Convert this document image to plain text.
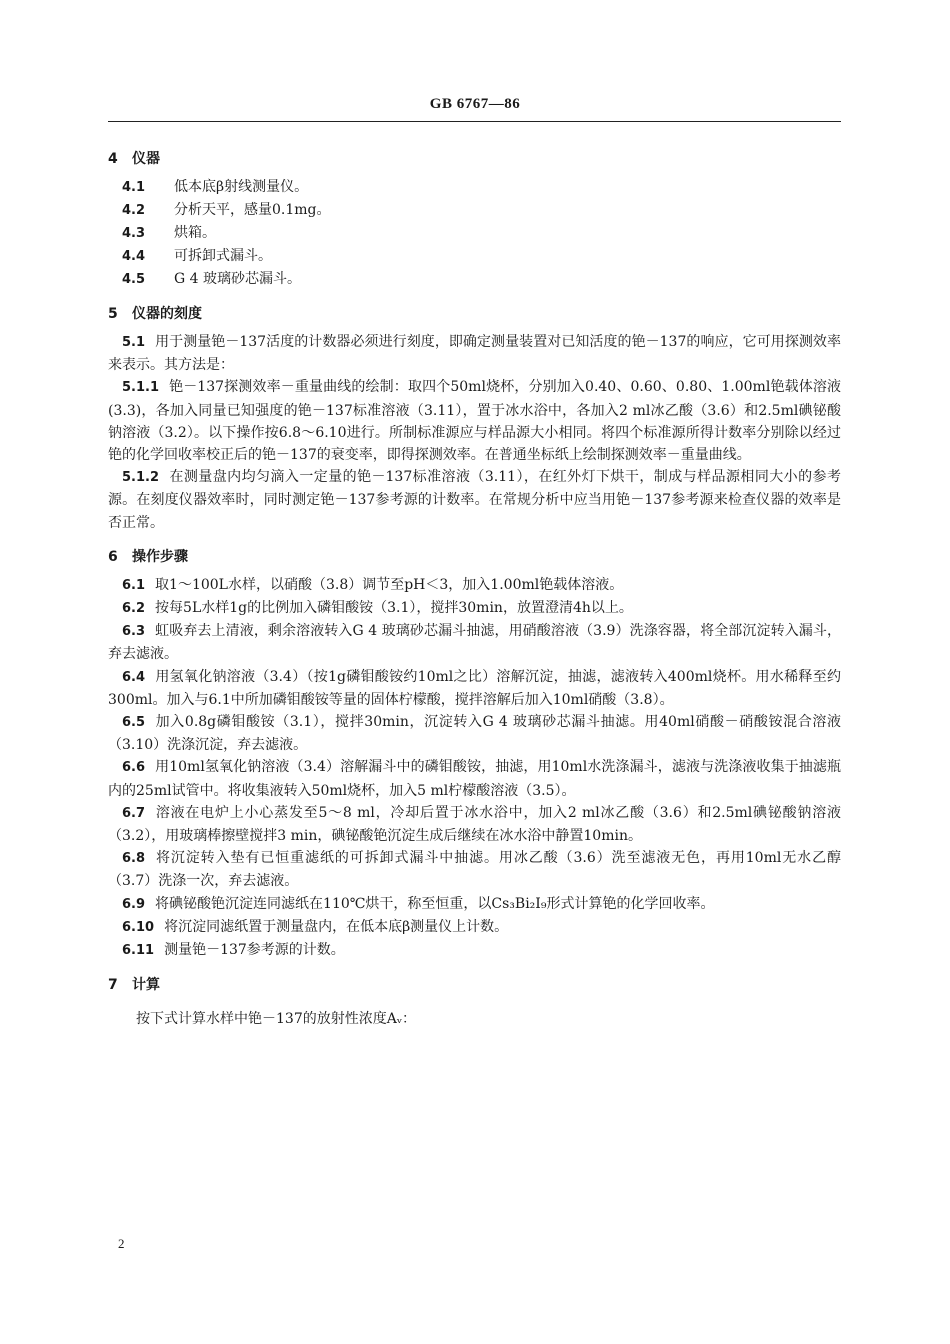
GB 6767—86
4 仪器

4.1 低本底β射线测量仪。

4.2 分析天平，感量0.1mg。

4.3 烘箱。

4.4 可拆卸式漏斗。

4.5 G 4 玻璃砂芯漏斗。

5 仪器的刻度

5.1 用于测量铯－137活度的计数器必须进行刻度，即确定测量装置对已知活度的铯－137的响应，它可用探测效率来表示。其方法是：

5.1.1 铯－137探测效率－重量曲线的绘制：取四个50ml烧杯，分别加入0.40、0.60、0.80、1.00ml铯载体溶液(3.3)，各加入同量已知强度的铯－137标准溶液（3.11），置于冰水浴中，各加入2 ml冰乙酸（3.6）和2.5ml碘铋酸钠溶液（3.2）。以下操作按6.8～6.10进行。所制标准源应与样品源大小相同。将四个标准源所得计数率分别除以经过铯的化学回收率校正后的铯－137的衰变率，即得探测效率。在普通坐标纸上绘制探测效率－重量曲线。

5.1.2 在测量盘内均匀滴入一定量的铯－137标准溶液（3.11），在红外灯下烘干，制成与样品源相同大小的参考源。在刻度仪器效率时，同时测定铯－137参考源的计数率。在常规分析中应当用铯－137参考源来检查仪器的效率是否正常。

6 操作步骤

6.1 取1～100L水样，以硝酸（3.8）调节至pH＜3，加入1.00ml铯载体溶液。

6.2 按每5L水样1g的比例加入磷钼酸铵（3.1），搅拌30min，放置澄清4h以上。

6.3 虹吸弃去上清液，剩余溶液转入G 4 玻璃砂芯漏斗抽滤，用硝酸溶液（3.9）洗涤容器，将全部沉淀转入漏斗，弃去滤液。

6.4 用氢氧化钠溶液（3.4）（按1g磷钼酸铵约10ml之比）溶解沉淀，抽滤，滤液转入400ml烧杯。用水稀释至约300ml。加入与6.1中所加磷钼酸铵等量的固体柠檬酸，搅拌溶解后加入10ml硝酸（3.8）。

6.5 加入0.8g磷钼酸铵（3.1），搅拌30min，沉淀转入G 4 玻璃砂芯漏斗抽滤。用40ml硝酸－硝酸铵混合溶液（3.10）洗涤沉淀，弃去滤液。

6.6 用10ml氢氧化钠溶液（3.4）溶解漏斗中的磷钼酸铵，抽滤，用10ml水洗涤漏斗，滤液与洗涤液收集于抽滤瓶内的25ml试管中。将收集液转入50ml烧杯，加入5 ml柠檬酸溶液（3.5）。

6.7 溶液在电炉上小心蒸发至5～8 ml，冷却后置于冰水浴中，加入2 ml冰乙酸（3.6）和2.5ml碘铋酸钠溶液（3.2），用玻璃棒擦壁搅拌3 min，碘铋酸铯沉淀生成后继续在冰水浴中静置10min。

6.8 将沉淀转入垫有已恒重滤纸的可拆卸式漏斗中抽滤。用冰乙酸（3.6）洗至滤液无色，再用10ml无水乙醇（3.7）洗涤一次，弃去滤液。

6.9 将碘铋酸铯沉淀连同滤纸在110℃烘干，称至恒重，以Cs₃Bi₂I₉形式计算铯的化学回收率。

6.10 将沉淀同滤纸置于测量盘内，在低本底β测量仪上计数。

6.11 测量铯－137参考源的计数。

7 计算

按下式计算水样中铯－137的放射性浓度Aᵥ：

2
